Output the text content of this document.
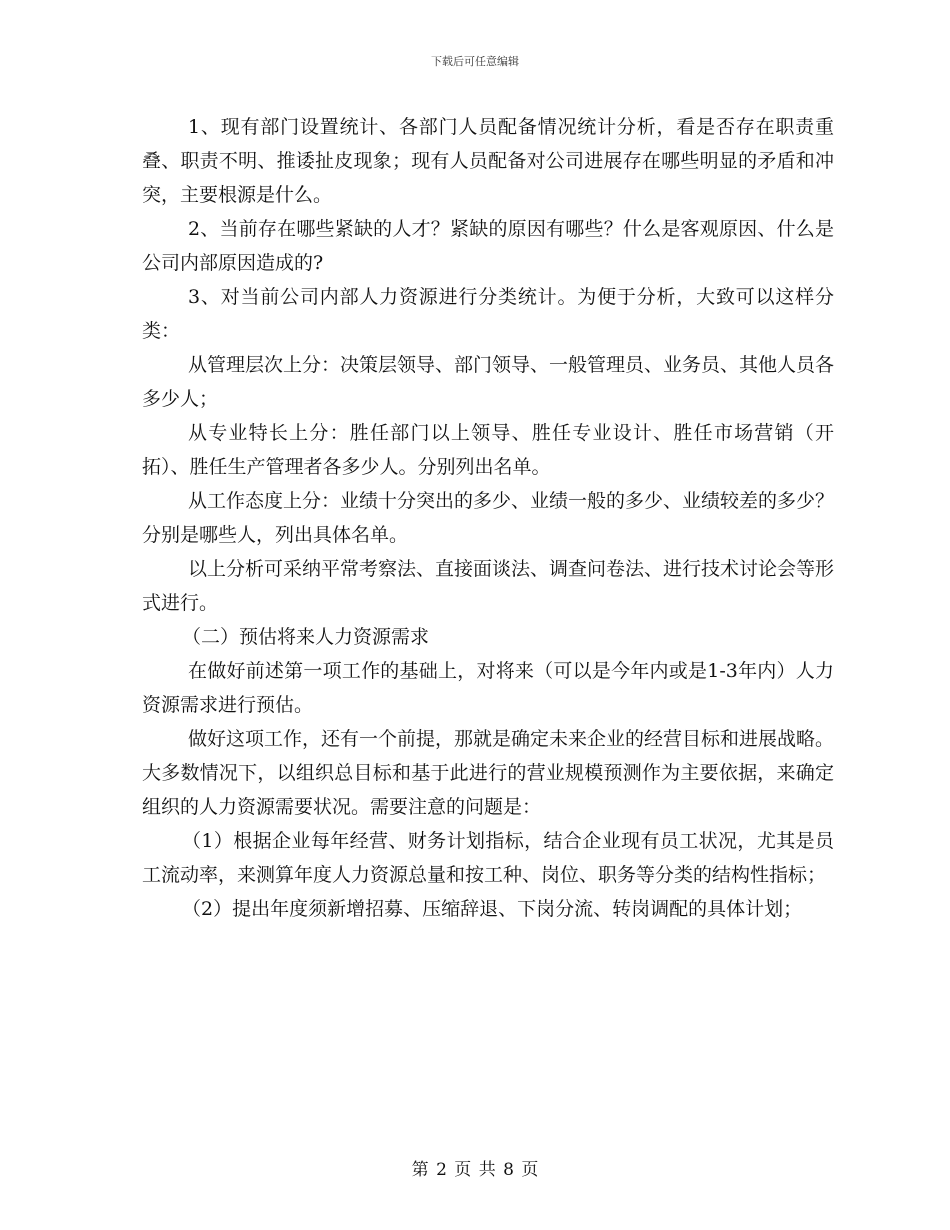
下载后可任意编辑

1、现有部门设置统计、各部门人员配备情况统计分析，看是否存在职责重叠、职责不明、推诿扯皮现象；现有人员配备对公司进展存在哪些明显的矛盾和冲突，主要根源是什么。

2、当前存在哪些紧缺的人才？紧缺的原因有哪些？什么是客观原因、什么是公司内部原因造成的?

3、对当前公司内部人力资源进行分类统计。为便于分析，大致可以这样分类：

从管理层次上分：决策层领导、部门领导、一般管理员、业务员、其他人员各多少人；

从专业特长上分：胜任部门以上领导、胜任专业设计、胜任市场营销（开拓）、胜任生产管理者各多少人。分别列出名单。

从工作态度上分：业绩十分突出的多少、业绩一般的多少、业绩较差的多少？分别是哪些人，列出具体名单。

以上分析可采纳平常考察法、直接面谈法、调查问卷法、进行技术讨论会等形式进行。

（二）预估将来人力资源需求

在做好前述第一项工作的基础上，对将来（可以是今年内或是1-3年内）人力资源需求进行预估。

做好这项工作，还有一个前提，那就是确定未来企业的经营目标和进展战略。大多数情况下，以组织总目标和基于此进行的营业规模预测作为主要依据，来确定组织的人力资源需要状况。需要注意的问题是：

（1）根据企业每年经营、财务计划指标，结合企业现有员工状况，尤其是员工流动率，来测算年度人力资源总量和按工种、岗位、职务等分类的结构性指标；

（2）提出年度须新增招募、压缩辞退、下岗分流、转岗调配的具体计划；

第 2 页 共 8 页
